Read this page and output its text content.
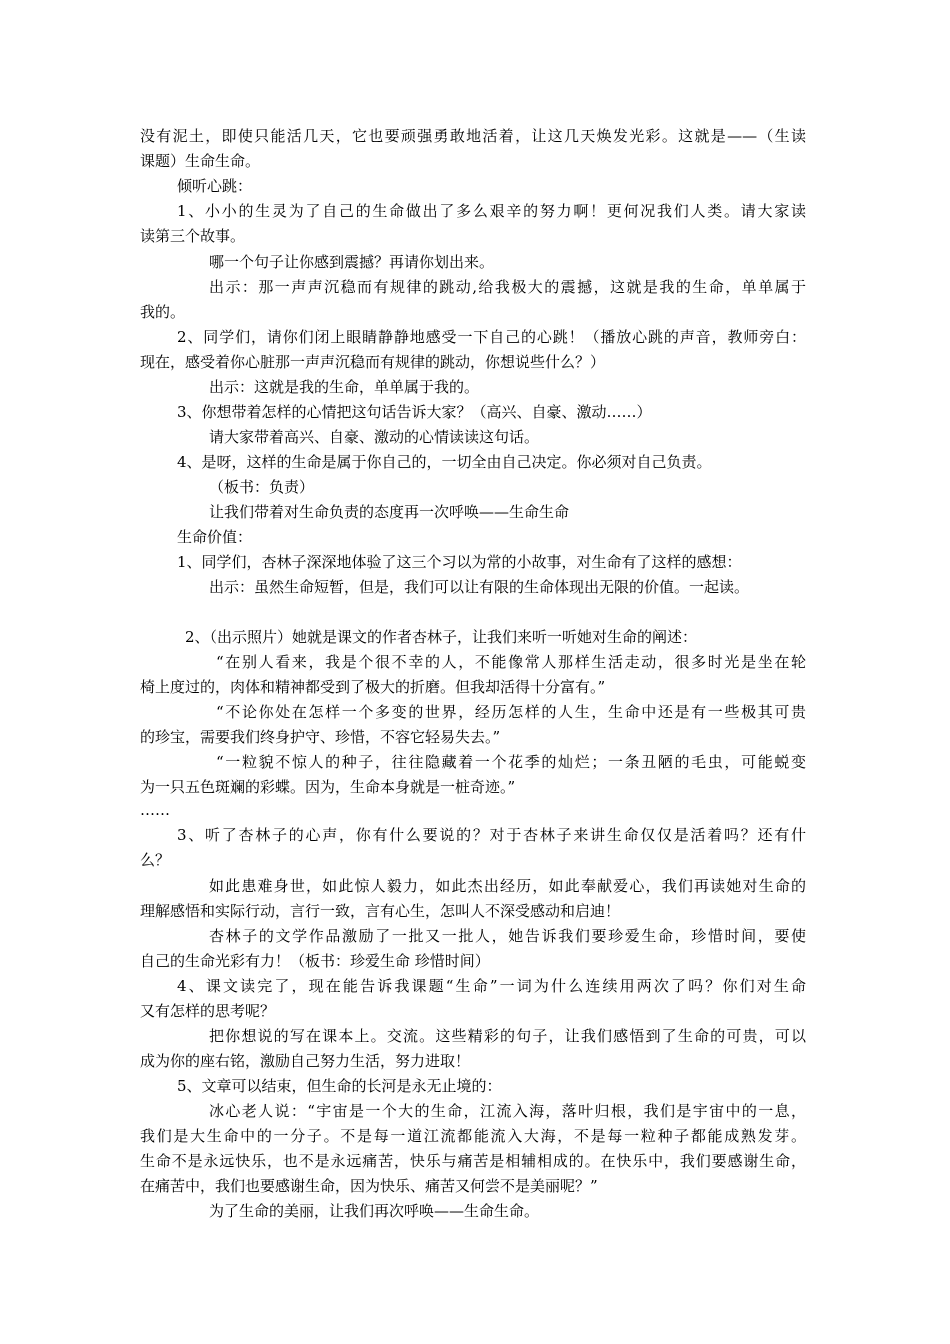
没有泥土，即使只能活几天，它也要顽强勇敢地活着，让这几天焕发光彩。这就是——（生读
课题）生命生命。
倾听心跳：
1、小小的生灵为了自己的生命做出了多么艰辛的努力啊！更何况我们人类。请大家读
读第三个故事。
哪一个句子让你感到震撼？再请你划出来。
出示：那一声声沉稳而有规律的跳动,给我极大的震撼，这就是我的生命，单单属于
我的。
2、同学们，请你们闭上眼睛静静地感受一下自己的心跳！（播放心跳的声音，教师旁白：
现在，感受着你心脏那一声声沉稳而有规律的跳动，你想说些什么？）
出示：这就是我的生命，单单属于我的。
3、你想带着怎样的心情把这句话告诉大家？（高兴、自豪、激动……）
请大家带着高兴、自豪、激动的心情读读这句话。
4、是呀，这样的生命是属于你自己的，一切全由自己决定。你必须对自己负责。
（板书：负责）
让我们带着对生命负责的态度再一次呼唤——生命生命
生命价值：
1、同学们，杏林子深深地体验了这三个习以为常的小故事，对生命有了这样的感想：
出示：虽然生命短暂，但是，我们可以让有限的生命体现出无限的价值。一起读。
2、（出示照片）她就是课文的作者杏林子，让我们来听一听她对生命的阐述：
“在别人看来，我是个很不幸的人，不能像常人那样生活走动，很多时光是坐在轮
椅上度过的，肉体和精神都受到了极大的折磨。但我却活得十分富有。”
“不论你处在怎样一个多变的世界，经历怎样的人生，生命中还是有一些极其可贵
的珍宝，需要我们终身护守、珍惜，不容它轻易失去。”
“一粒貌不惊人的种子，往往隐藏着一个花季的灿烂；一条丑陋的毛虫，可能蜕变
为一只五色斑斓的彩蝶。因为，生命本身就是一桩奇迹。”
……
3、听了杏林子的心声，你有什么要说的？对于杏林子来讲生命仅仅是活着吗？还有什
么？
如此患难身世，如此惊人毅力，如此杰出经历，如此奉献爱心，我们再读她对生命的
理解感悟和实际行动，言行一致，言有心生，怎叫人不深受感动和启迪！
杏林子的文学作品激励了一批又一批人，她告诉我们要珍爱生命，珍惜时间，要使
自己的生命光彩有力！（板书：珍爱生命 珍惜时间）
4、课文读完了，现在能告诉我课题“生命”一词为什么连续用两次了吗？你们对生命
又有怎样的思考呢？
把你想说的写在课本上。交流。这些精彩的句子，让我们感悟到了生命的可贵，可以
成为你的座右铭，激励自己努力生活，努力进取！
5、文章可以结束，但生命的长河是永无止境的：
冰心老人说：“宇宙是一个大的生命，江流入海，落叶归根，我们是宇宙中的一息，
我们是大生命中的一分子。不是每一道江流都能流入大海，不是每一粒种子都能成熟发芽。
生命不是永远快乐，也不是永远痛苦，快乐与痛苦是相辅相成的。在快乐中，我们要感谢生命，
在痛苦中，我们也要感谢生命，因为快乐、痛苦又何尝不是美丽呢？”
为了生命的美丽，让我们再次呼唤——生命生命。
